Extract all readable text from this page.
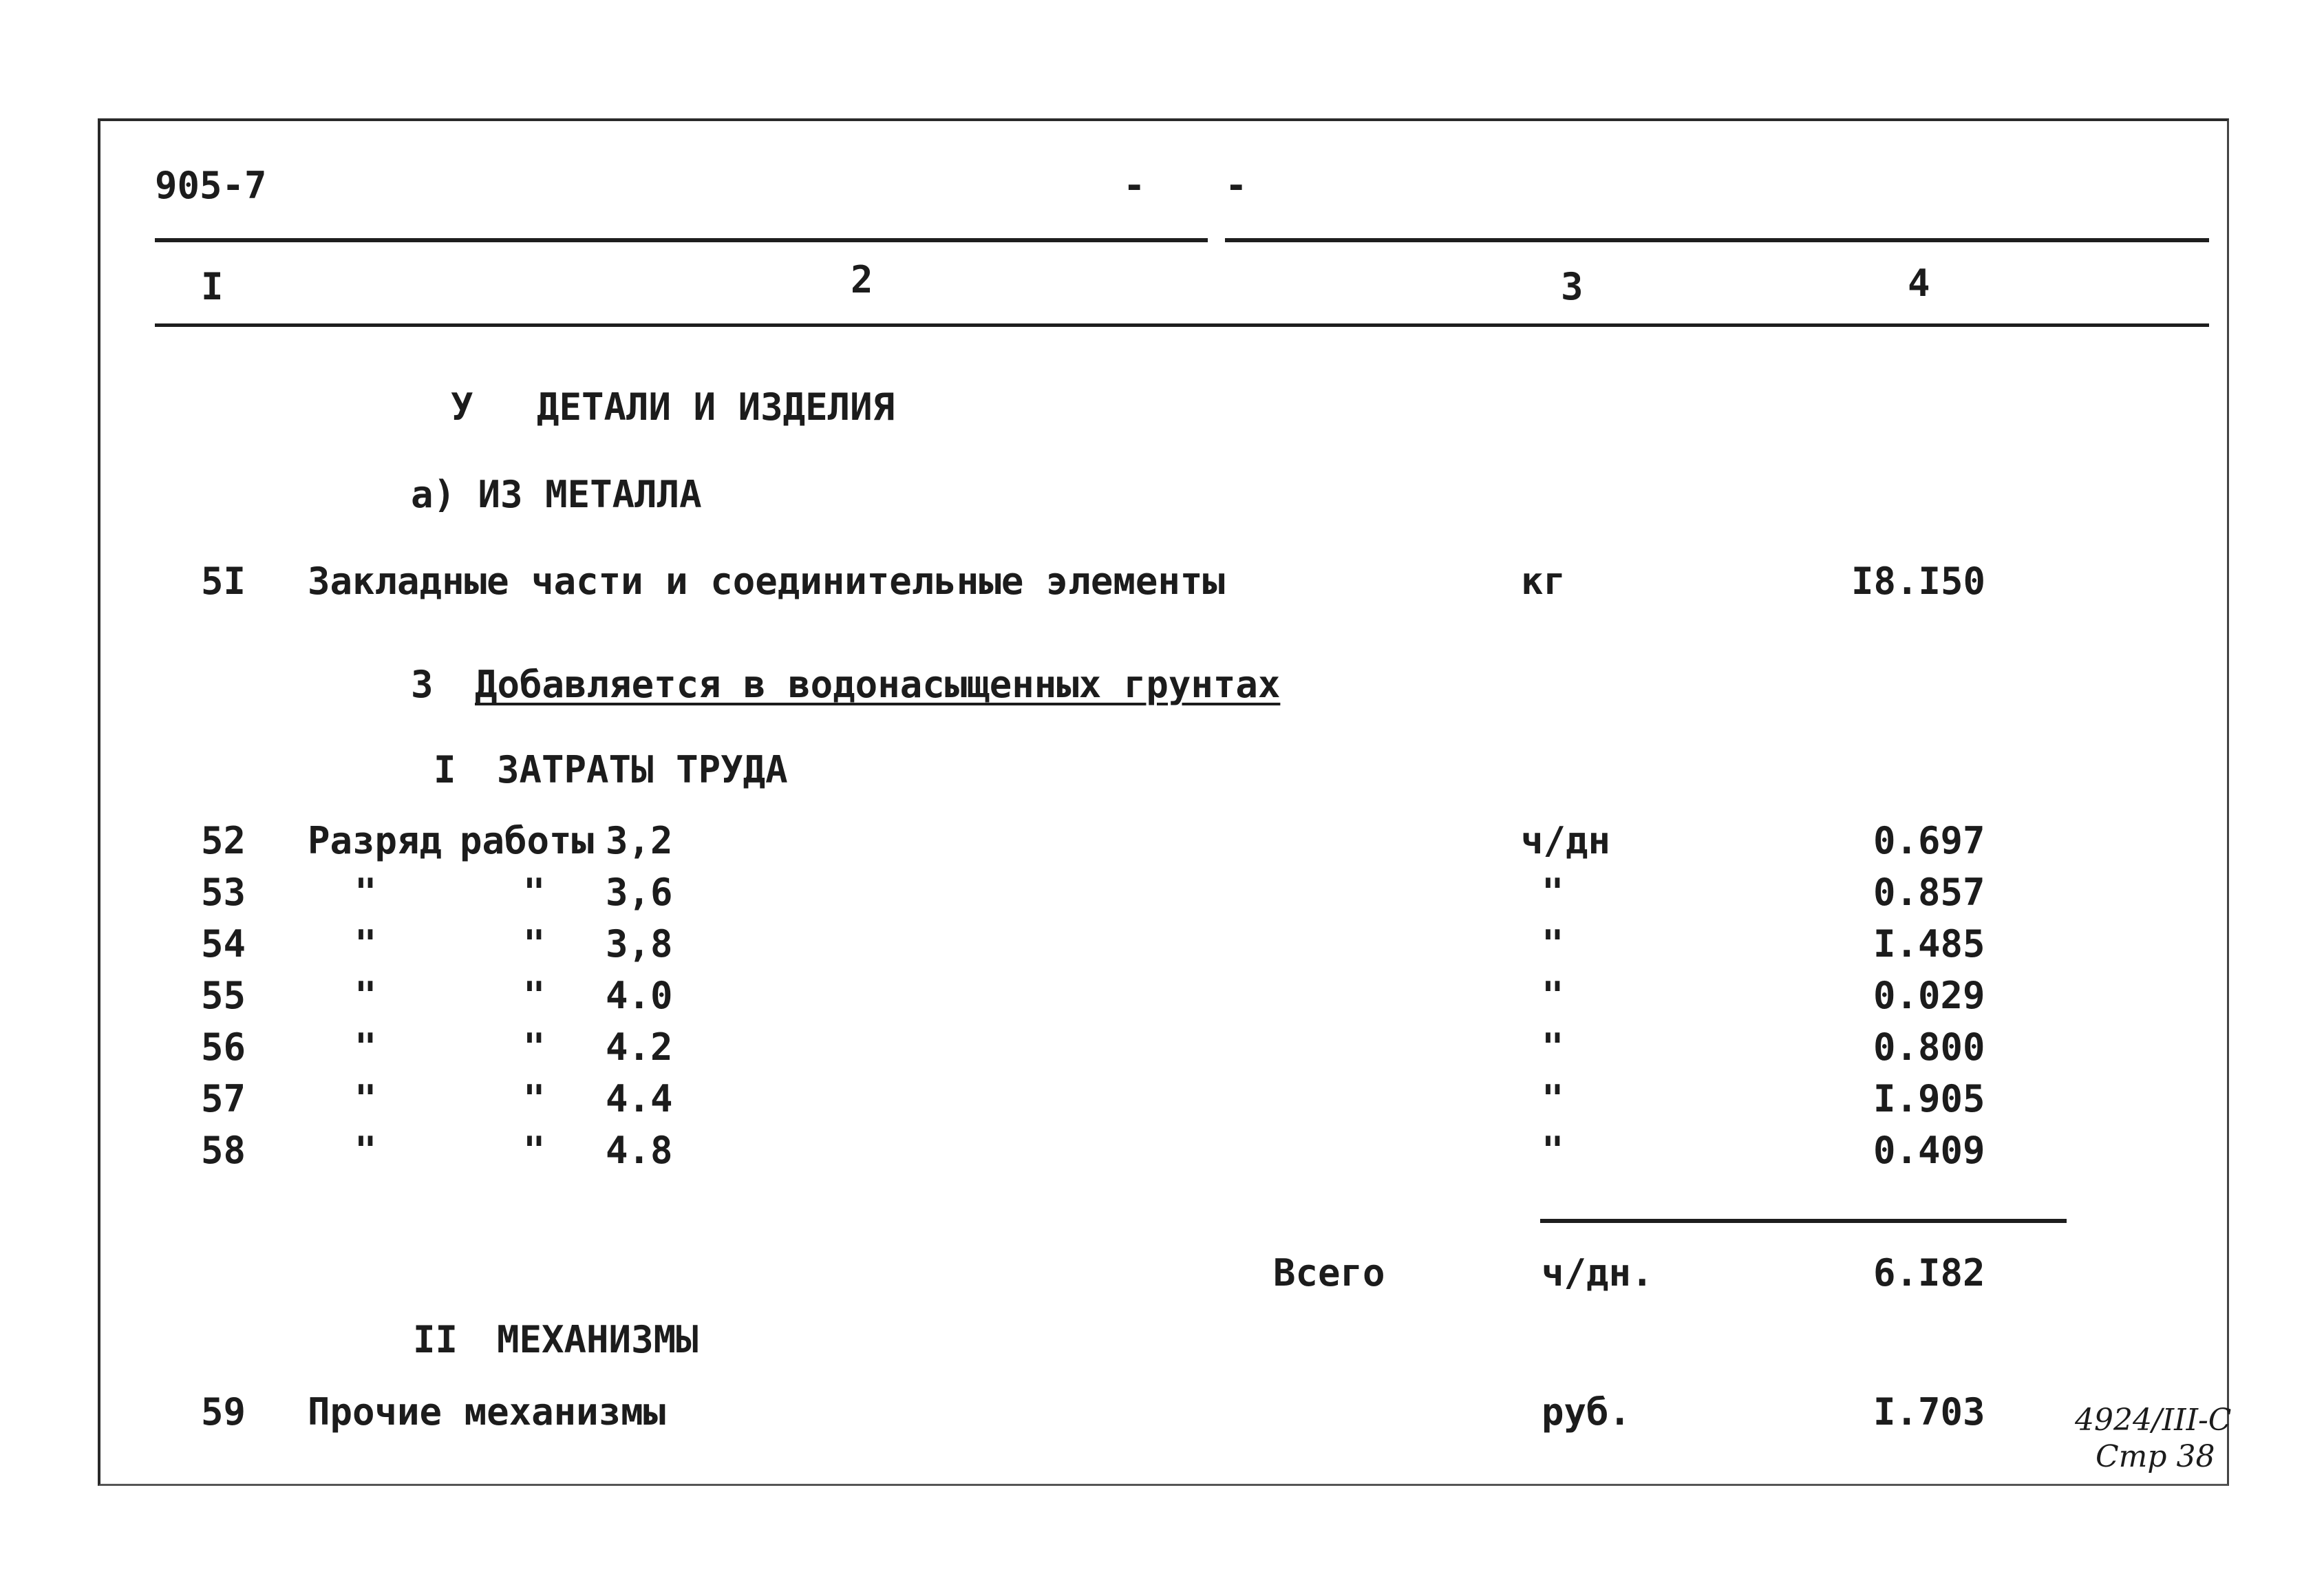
905-7	- -
I	2	3	4
У ДЕТАЛИ И ИЗДЕЛИЯ
а) ИЗ МЕТАЛЛА
5I Закладные части и соединительные элементы	кг	I8.I50
3 Добавляется в водонасыщенных грунтах
I ЗАТРАТЫ ТРУДА
52 Разряд работы 3,2	ч/дн	0.697
53	"	" 3,6	"	0.857
54	"	" 3,8	"	I.485
55	"	" 4.0	"	0.029
56	"	" 4.2	"	0.800
57	"	" 4.4	"	I.905
58	"	" 4.8	"	0.409
Всего	ч/дн.	6.I82
II МЕХАНИЗМЫ
59 Прочие механизмы	руб.	I.703	4924/III-C
Стр 38
